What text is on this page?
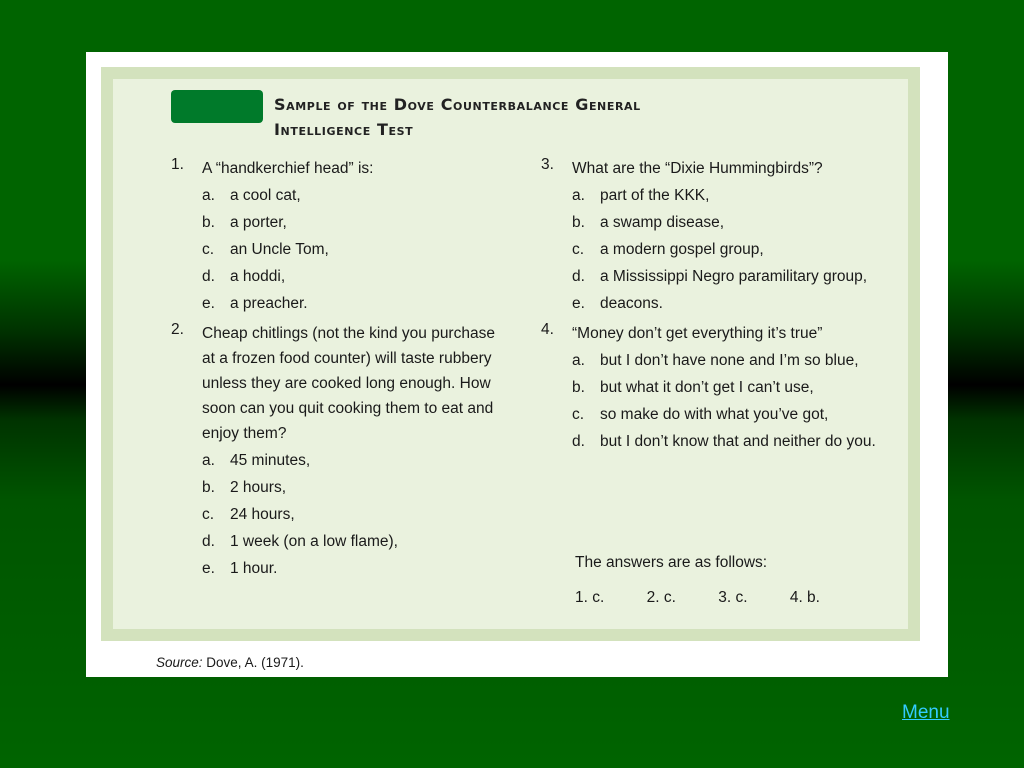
Sample of the Dove Counterbalance General
Intelligence Test
1. A “handkerchief head” is:
a. a cool cat,
b. a porter,
c. an Uncle Tom,
d. a hoddi,
e. a preacher.
2. Cheap chitlings (not the kind you purchase at a frozen food counter) will taste rubbery unless they are cooked long enough. How soon can you quit cooking them to eat and enjoy them?
a. 45 minutes,
b. 2 hours,
c. 24 hours,
d. 1 week (on a low flame),
e. 1 hour.
3. What are the “Dixie Hummingbirds”?
a. part of the KKK,
b. a swamp disease,
c. a modern gospel group,
d. a Mississippi Negro paramilitary group,
e. deacons.
4. “Money don’t get everything it’s true”
a. but I don’t have none and I’m so blue,
b. but what it don’t get I can’t use,
c. so make do with what you’ve got,
d. but I don’t know that and neither do you.
The answers are as follows:
1. c.	2. c.	3. c.	4. b.
Source: Dove, A. (1971).
Menu
